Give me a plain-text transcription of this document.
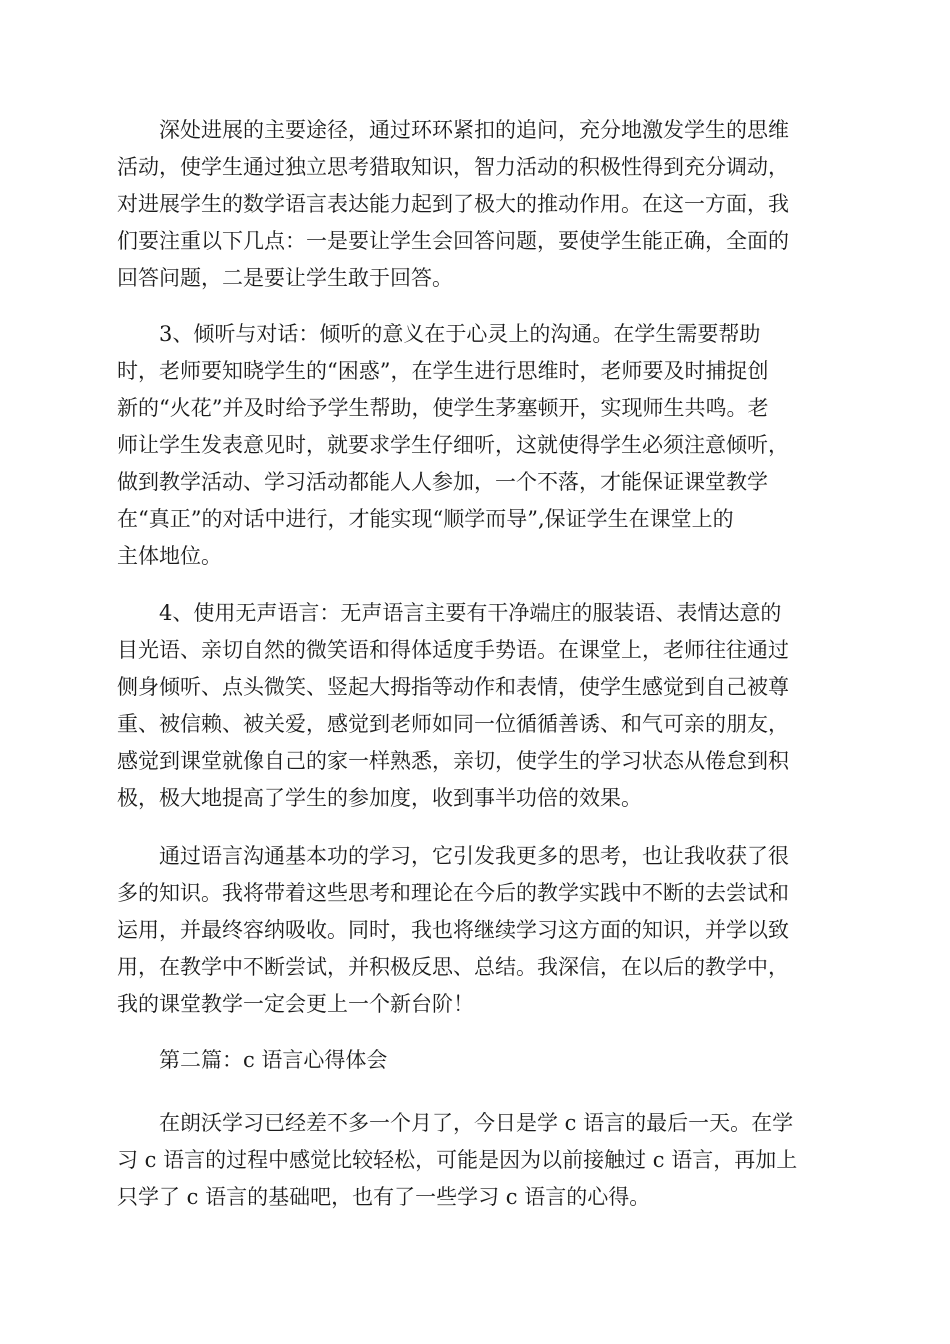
　　深处进展的主要途径，通过环环紧扣的追问，充分地激发学生的思维
活动，使学生通过独立思考猎取知识，智力活动的积极性得到充分调动，
对进展学生的数学语言表达能力起到了极大的推动作用。在这一方面，我
们要注重以下几点：一是要让学生会回答问题，要使学生能正确，全面的
回答问题，二是要让学生敢于回答。
　　3、倾听与对话：倾听的意义在于心灵上的沟通。在学生需要帮助
时，老师要知晓学生的“困惑”，在学生进行思维时，老师要及时捕捉创
新的“火花”并及时给予学生帮助，使学生茅塞顿开，实现师生共鸣。老
师让学生发表意见时，就要求学生仔细听，这就使得学生必须注意倾听，
做到教学活动、学习活动都能人人参加，一个不落，才能保证课堂教学
在“真正”的对话中进行，才能实现“顺学而导”,保证学生在课堂上的
主体地位。
　　4、使用无声语言：无声语言主要有干净端庄的服装语、表情达意的
目光语、亲切自然的微笑语和得体适度手势语。在课堂上，老师往往通过
侧身倾听、点头微笑、竖起大拇指等动作和表情，使学生感觉到自己被尊
重、被信赖、被关爱，感觉到老师如同一位循循善诱、和气可亲的朋友，
感觉到课堂就像自己的家一样熟悉，亲切，使学生的学习状态从倦怠到积
极，极大地提高了学生的参加度，收到事半功倍的效果。
　　通过语言沟通基本功的学习，它引发我更多的思考，也让我收获了很
多的知识。我将带着这些思考和理论在今后的教学实践中不断的去尝试和
运用，并最终容纳吸收。同时，我也将继续学习这方面的知识，并学以致
用，在教学中不断尝试，并积极反思、总结。我深信，在以后的教学中，
我的课堂教学一定会更上一个新台阶！
　　第二篇：c 语言心得体会
　　在朗沃学习已经差不多一个月了，今日是学 c 语言的最后一天。在学
习 c 语言的过程中感觉比较轻松，可能是因为以前接触过 c 语言，再加上
只学了 c 语言的基础吧，也有了一些学习 c 语言的心得。
